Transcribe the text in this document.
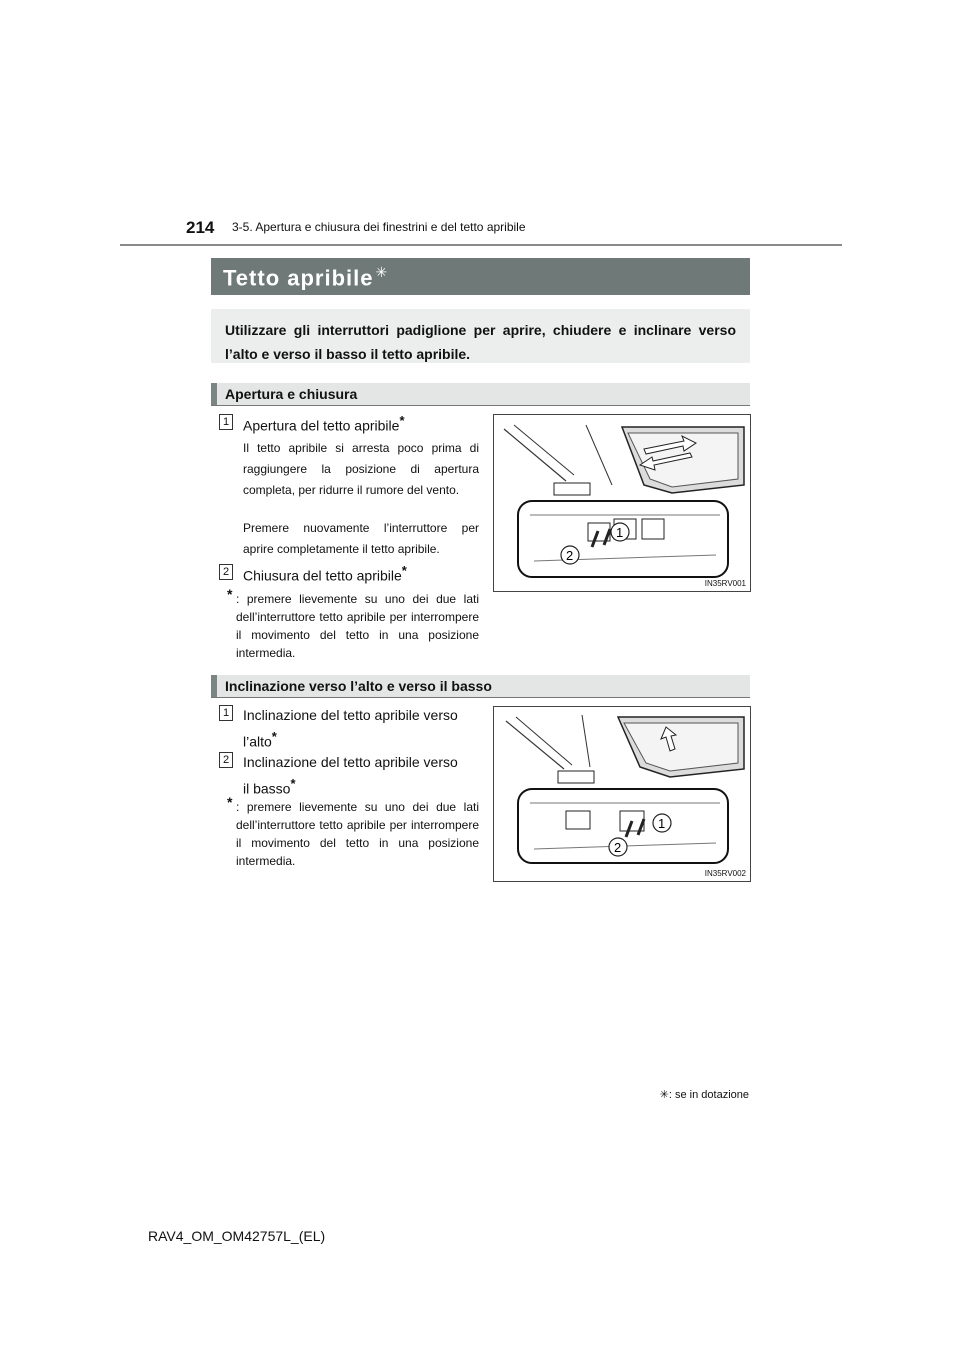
214 3-5. Apertura e chiusura dei finestrini e del tetto apribile
Tetto apribile ✳
Utilizzare gli interruttori padiglione per aprire, chiudere e inclinare verso l’alto e verso il basso il tetto apribile.
Apertura e chiusura
1 Apertura del tetto apribile*
Il tetto apribile si arresta poco prima di raggiungere la posizione di apertura completa, per ridurre il rumore del vento.
Premere nuovamente l’interruttore per aprire completamente il tetto apribile.
2 Chiusura del tetto apribile*
* : premere lievemente su uno dei due lati dell’interruttore tetto apribile per interrompere il movimento del tetto in una posizione intermedia.
1
2
IN35RV001
Inclinazione verso l’alto e verso il basso
1 Inclinazione del tetto apribile verso
l’alto*
2 Inclinazione del tetto apribile verso
il basso*
* : premere lievemente su uno dei due lati dell’interruttore tetto apribile per interrompere il movimento del tetto in una posizione intermedia.
1
2
IN35RV002
✳: se in dotazione
RAV4_OM_OM42757L_(EL)
